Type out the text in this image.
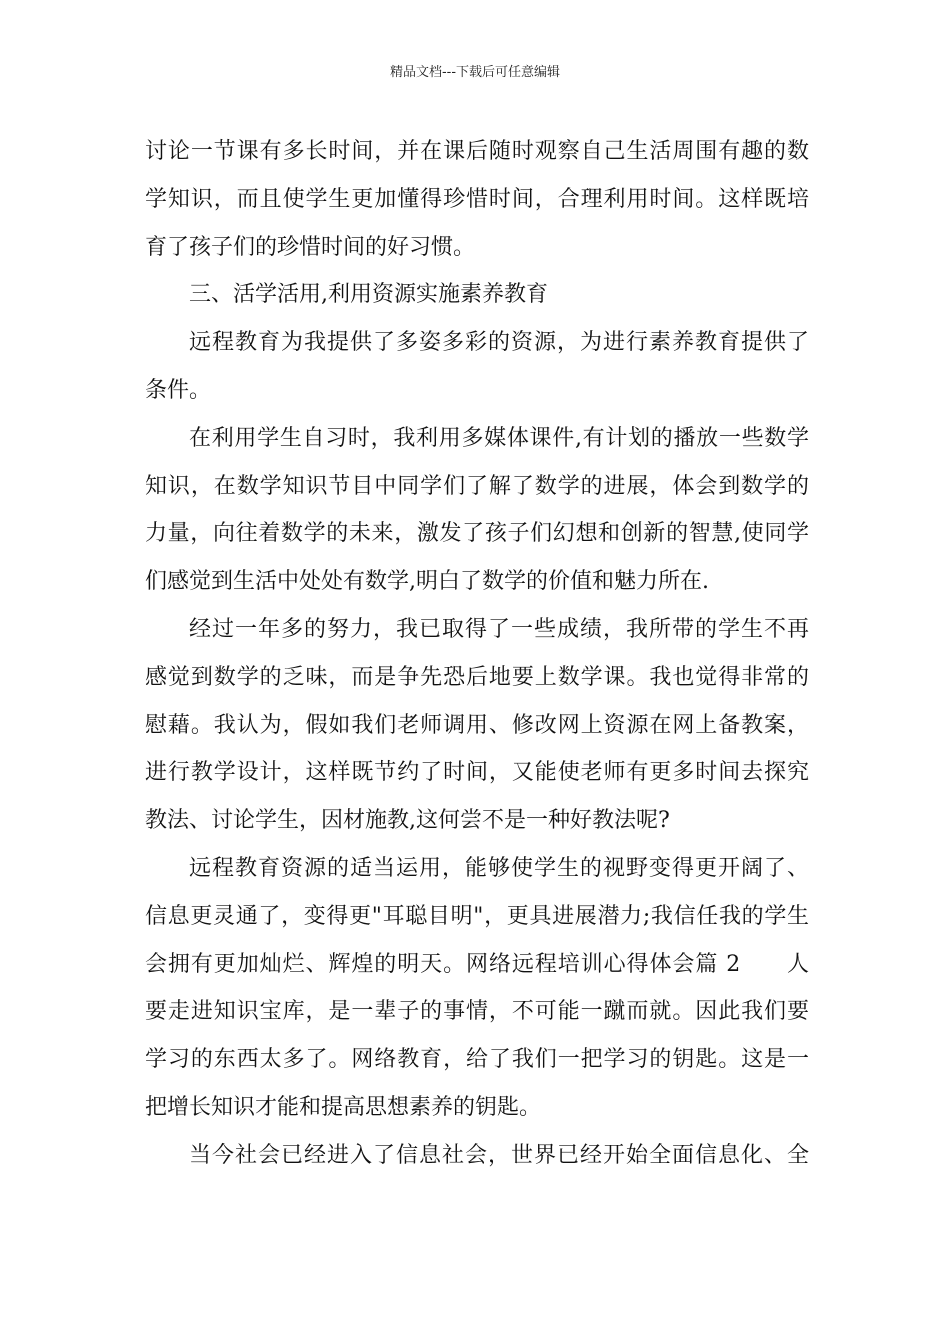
精品文档---下载后可任意编辑
讨论一节课有多长时间，并在课后随时观察自己生活周围有趣的数
学知识，而且使学生更加懂得珍惜时间，合理利用时间。这样既培
育了孩子们的珍惜时间的好习惯。
三、活学活用,利用资源实施素养教育
远程教育为我提供了多姿多彩的资源，为进行素养教育提供了
条件。
在利用学生自习时，我利用多媒体课件,有计划的播放一些数学
知识，在数学知识节目中同学们了解了数学的进展，体会到数学的
力量，向往着数学的未来，激发了孩子们幻想和创新的智慧,使同学
们感觉到生活中处处有数学,明白了数学的价值和魅力所在.
经过一年多的努力，我已取得了一些成绩，我所带的学生不再
感觉到数学的乏味，而是争先恐后地要上数学课。我也觉得非常的
慰藉。我认为，假如我们老师调用、修改网上资源在网上备教案，
进行教学设计，这样既节约了时间，又能使老师有更多时间去探究
教法、讨论学生，因材施教,这何尝不是一种好教法呢?
远程教育资源的适当运用，能够使学生的视野变得更开阔了、
信息更灵通了，变得更"耳聪目明"，更具进展潜力;我信任我的学生
会拥有更加灿烂、辉煌的明天。网络远程培训心得体会篇 2　　人
要走进知识宝库，是一辈子的事情，不可能一蹴而就。因此我们要
学习的东西太多了。网络教育，给了我们一把学习的钥匙。这是一
把增长知识才能和提高思想素养的钥匙。
当今社会已经进入了信息社会，世界已经开始全面信息化、全
